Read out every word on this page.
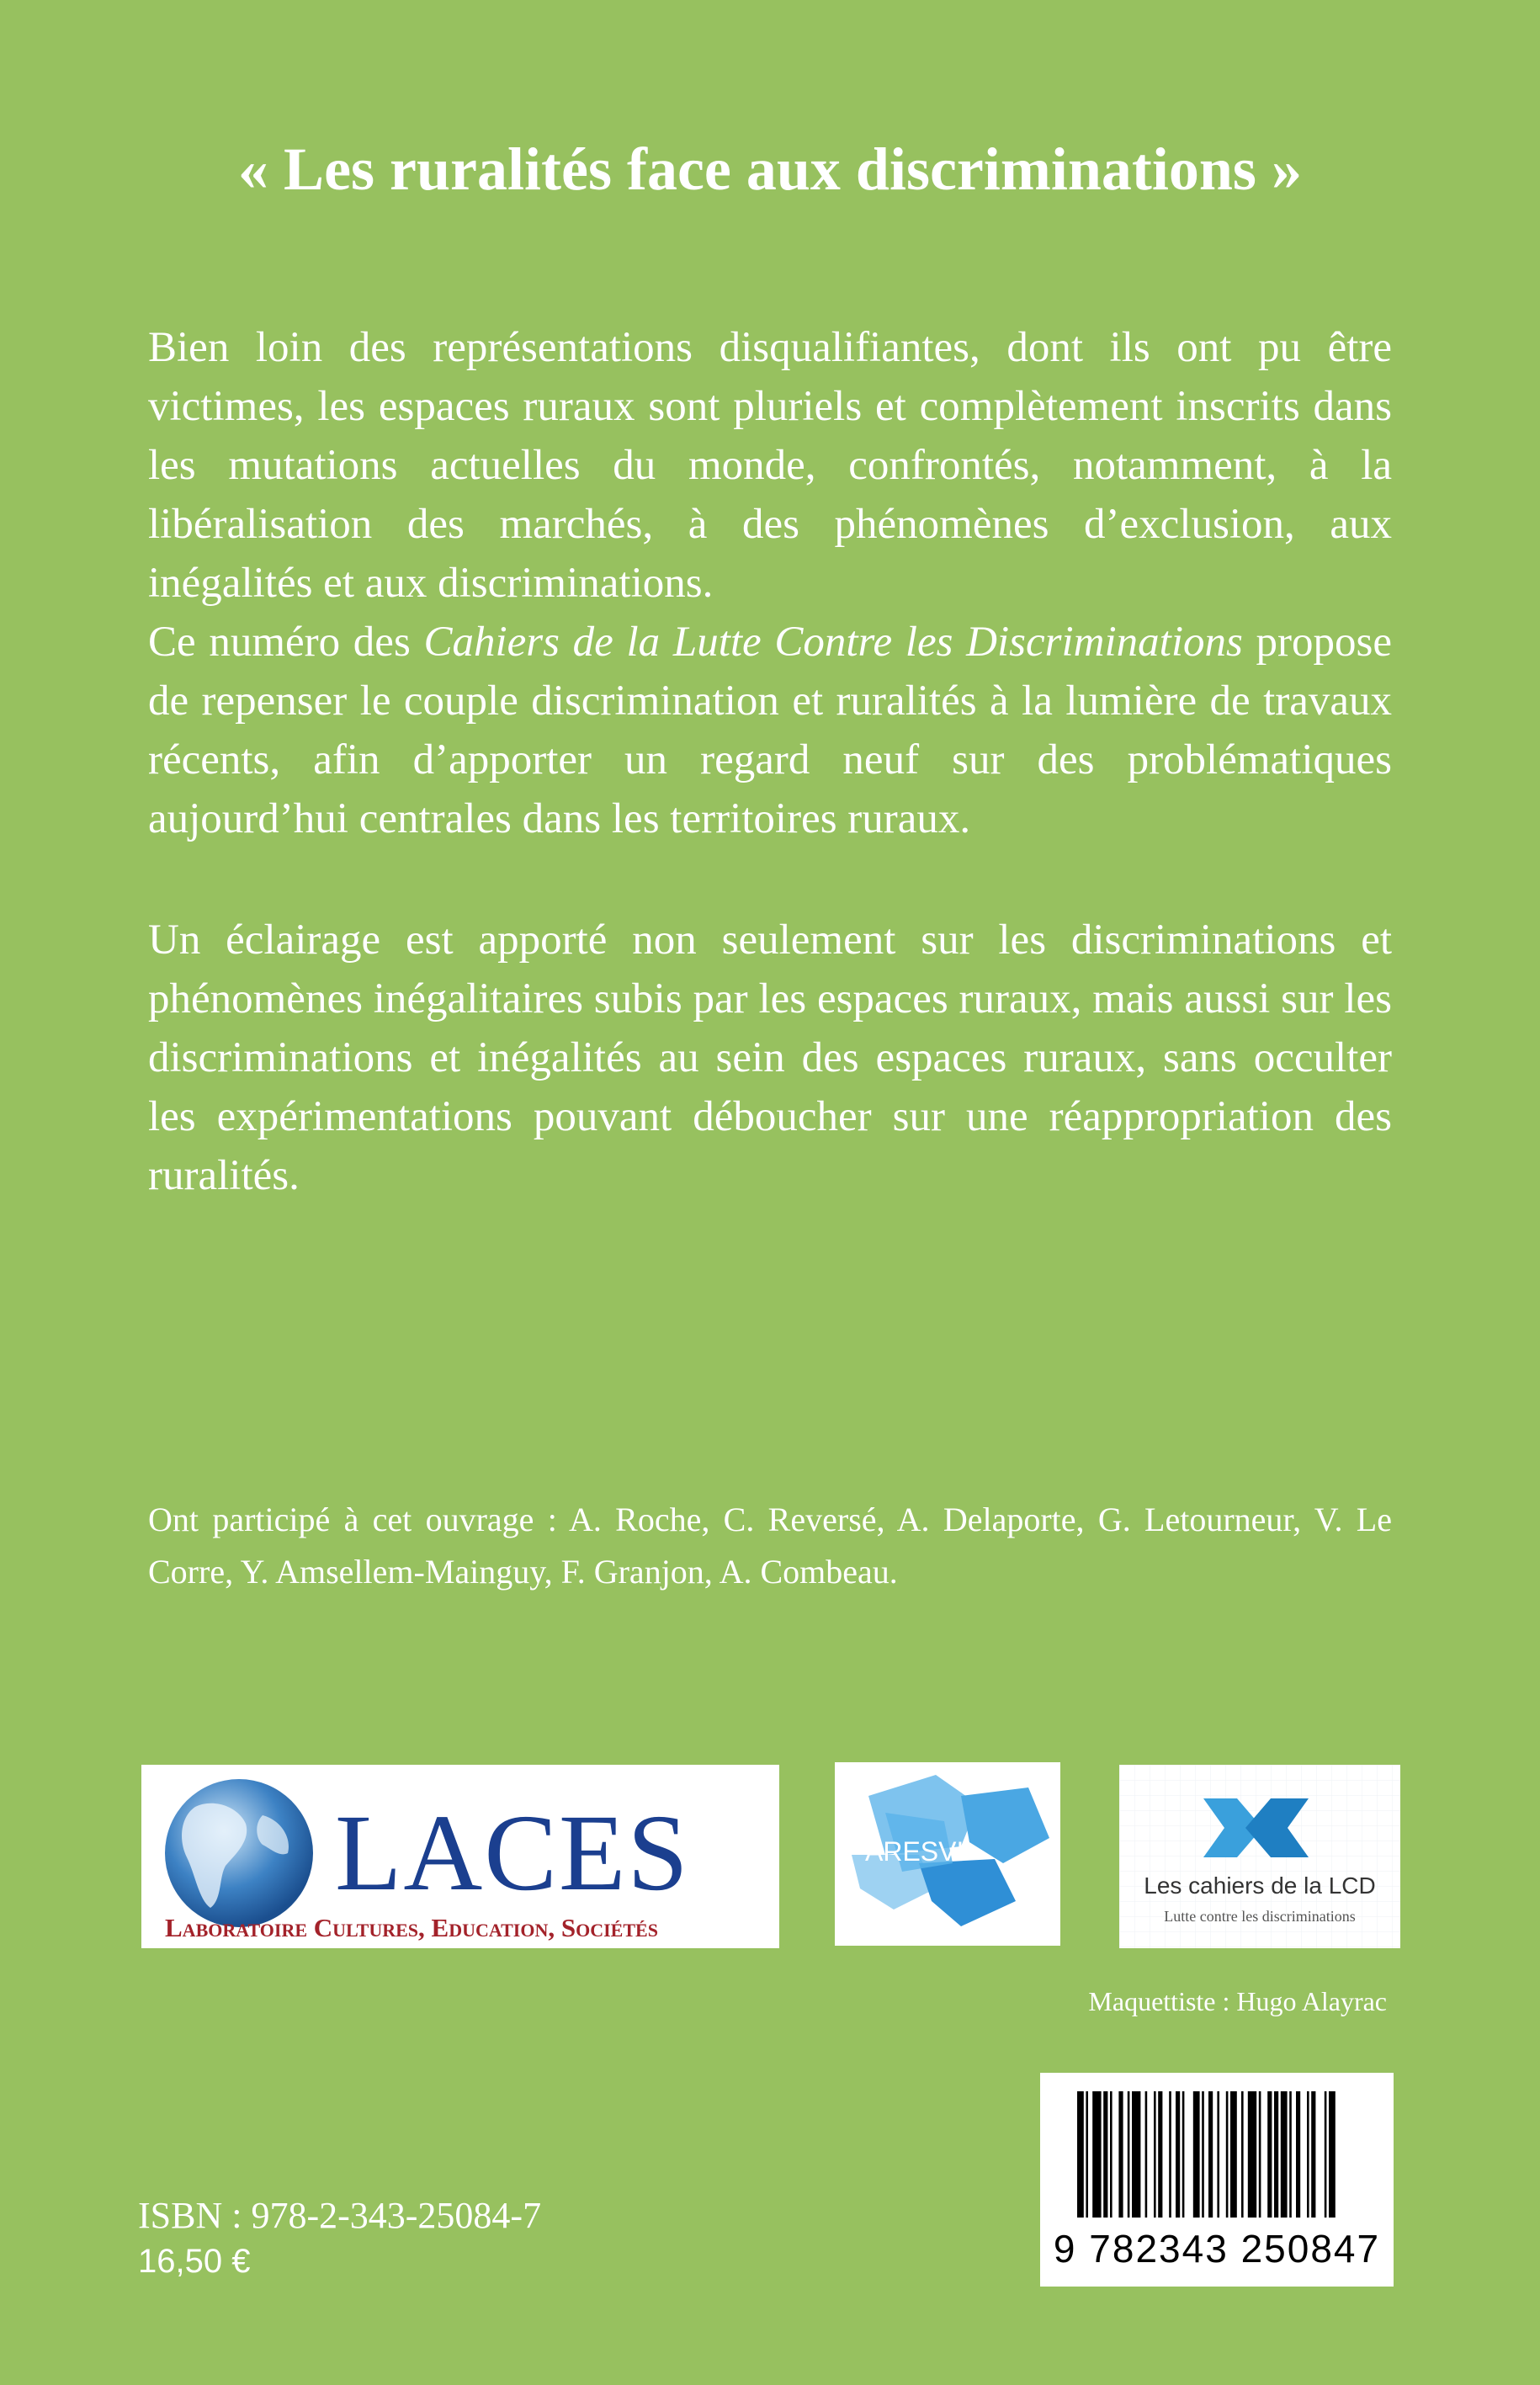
« Les ruralités face aux discriminations »

Bien loin des représentations disqualifiantes, dont ils ont pu être victimes, les espaces ruraux sont pluriels et complètement inscrits dans les mutations actuelles du monde, confrontés, notamment, à la libéralisation des marchés, à des phénomènes d’exclusion, aux inégalités et aux discriminations.

Ce numéro des Cahiers de la Lutte Contre les Discriminations propose de repenser le couple discrimination et ruralités à la lumière de travaux récents, afin d’apporter un regard neuf sur des problématiques aujourd’hui centrales dans les territoires ruraux.

Un éclairage est apporté non seulement sur les discriminations et phénomènes inégalitaires subis par les espaces ruraux, mais aussi sur les discriminations et inégalités au sein des espaces ruraux, sans occulter les expérimentations pouvant déboucher sur une réappropriation des ruralités.

Ont participé à cet ouvrage : A. Roche, C. Reversé, A. Delaporte, G. Letourneur, V. Le Corre, Y. Amsellem-Mainguy, F. Granjon, A. Combeau.
LACES
Laboratoire Cultures, Education, Sociétés
ARESVI
Les cahiers de la LCD
Lutte contre les discriminations
Maquettiste : Hugo Alayrac
ISBN : 978-2-343-25084-7
16,50 €	9 782343 250847
